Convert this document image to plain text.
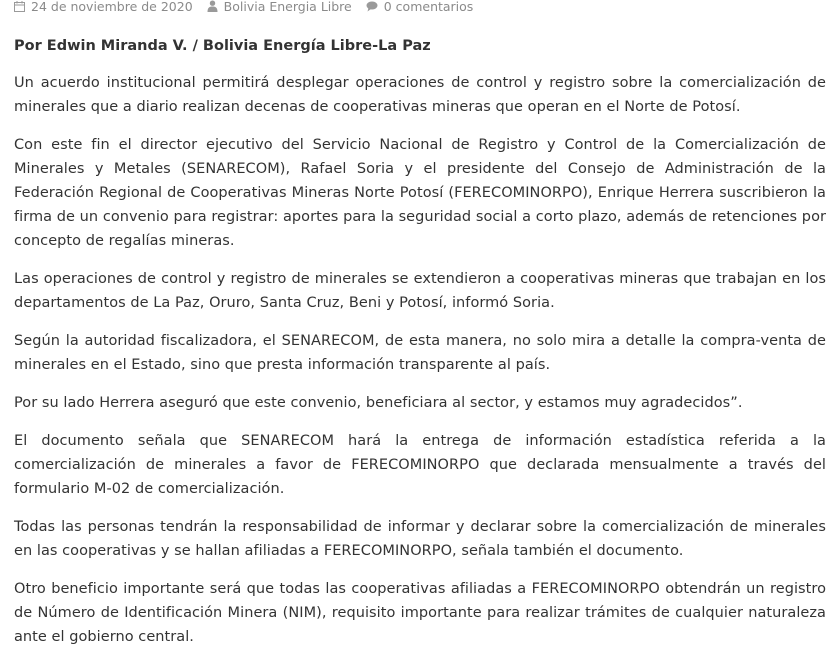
24 de noviembre de 2020 Bolivia Energia Libre	0 comentarios
Por Edwin Miranda V. / Bolivia Energía Libre-La Paz

Un acuerdo institucional permitirá desplegar operaciones de control y registro sobre la comercialización de minerales que a diario realizan decenas de cooperativas mineras que operan en el Norte de Potosí.

Con este fin el director ejecutivo del Servicio Nacional de Registro y Control de la Comercialización de Minerales y Metales (SENARECOM), Rafael Soria y el presidente del Consejo de Administración de la Federación Regional de Cooperativas Mineras Norte Potosí (FERECOMINORPO), Enrique Herrera suscribieron la firma de un convenio para registrar: aportes para la seguridad social a corto plazo, además de retenciones por concepto de regalías mineras.

Las operaciones de control y registro de minerales se extendieron a cooperativas mineras que trabajan en los departamentos de La Paz, Oruro, Santa Cruz, Beni y Potosí, informó Soria.

Según la autoridad fiscalizadora, el SENARECOM, de esta manera, no solo mira a detalle la compra-venta de minerales en el Estado, sino que presta información transparente al país.

Por su lado Herrera aseguró que este convenio, beneficiara al sector, y estamos muy agradecidos”.

El documento señala que SENARECOM hará la entrega de información estadística referida a la comercialización de minerales a favor de FERECOMINORPO que declarada mensualmente a través del formulario M-02 de comercialización.

Todas las personas tendrán la responsabilidad de informar y declarar sobre la comercialización de minerales en las cooperativas y se hallan afiliadas a FERECOMINORPO, señala también el documento.

Otro beneficio importante será que todas las cooperativas afiliadas a FERECOMINORPO obtendrán un registro de Número de Identificación Minera (NIM), requisito importante para realizar trámites de cualquier naturaleza ante el gobierno central.
